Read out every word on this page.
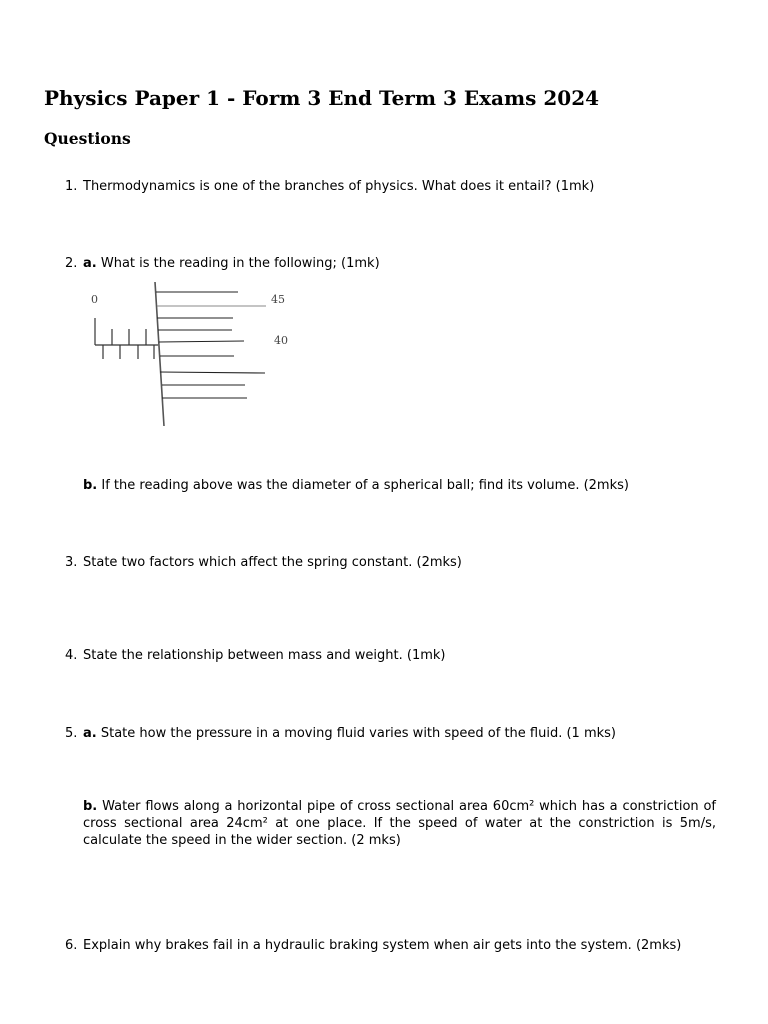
Physics Paper 1 - Form 3 End Term 3 Exams 2024
Questions
1. Thermodynamics is one of the branches of physics. What does it entail? (1mk)
2. a. What is the reading in the following; (1mk)
0	45
40
b. If the reading above was the diameter of a spherical ball; find its volume. (2mks)
3. State two factors which affect the spring constant. (2mks)
4. State the relationship between mass and weight. (1mk)
5. a. State how the pressure in a moving fluid varies with speed of the fluid. (1 mks)
b. Water flows along a horizontal pipe of cross sectional area 60cm² which has a constriction of cross sectional area 24cm² at one place. If the speed of water at the constriction is 5m/s, calculate the speed in the wider section. (2 mks)
6. Explain why brakes fail in a hydraulic braking system when air gets into the system. (2mks)
